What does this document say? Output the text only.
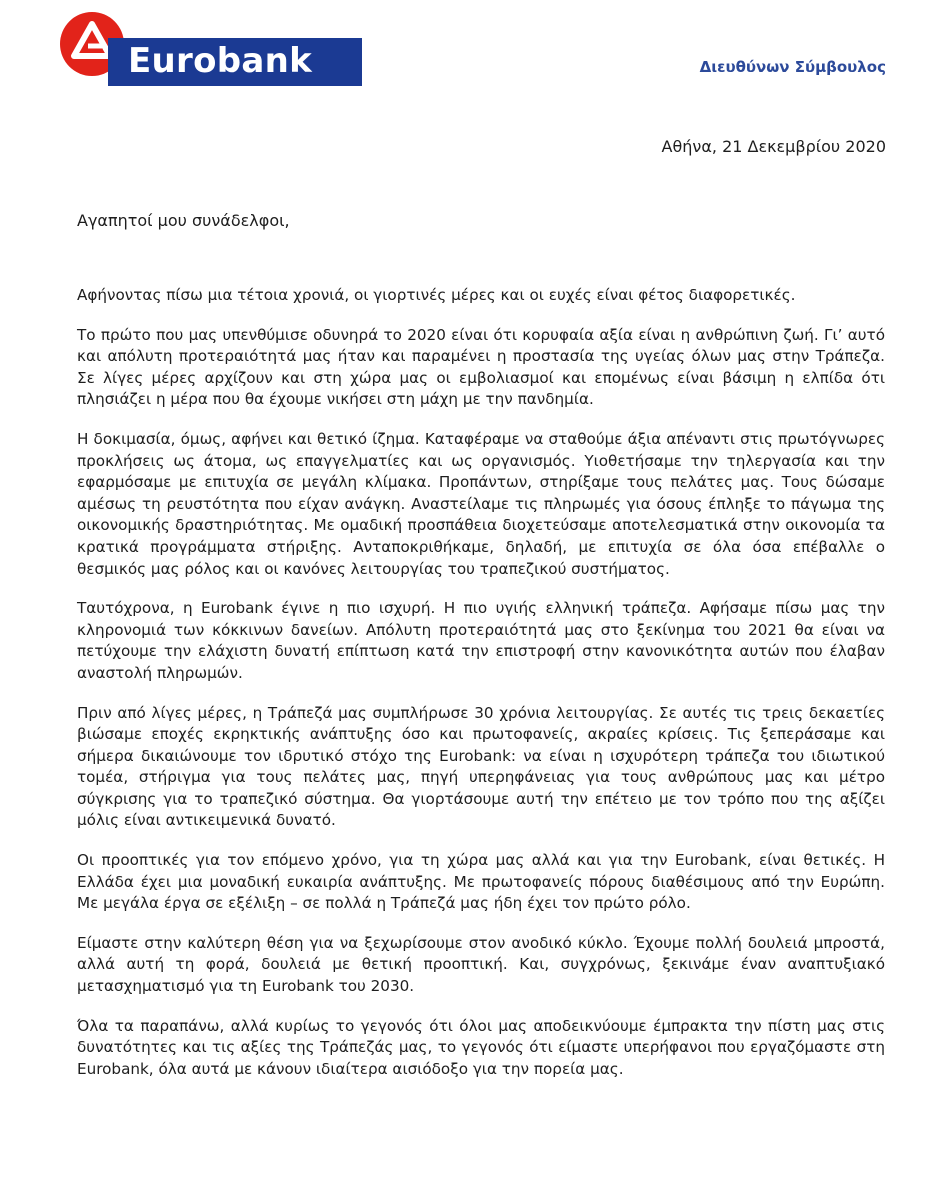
Eurobank	Διευθύνων Σύμβουλος
Αθήνα, 21 Δεκεμβρίου 2020
Αγαπητοί μου συνάδελφοι,

Αφήνοντας πίσω μια τέτοια χρονιά, οι γιορτινές μέρες και οι ευχές είναι φέτος διαφορετικές.

Το πρώτο που μας υπενθύμισε οδυνηρά το 2020 είναι ότι κορυφαία αξία είναι η ανθρώπινη ζωή. Γι’ αυτό και απόλυτη προτεραιότητά μας ήταν και παραμένει η προστασία της υγείας όλων μας στην Τράπεζα. Σε λίγες μέρες αρχίζουν και στη χώρα μας οι εμβολιασμοί και επομένως είναι βάσιμη η ελπίδα ότι πλησιάζει η μέρα που θα έχουμε νικήσει στη μάχη με την πανδημία.

Η δοκιμασία, όμως, αφήνει και θετικό ίζημα. Καταφέραμε να σταθούμε άξια απέναντι στις πρωτόγνωρες προκλήσεις ως άτομα, ως επαγγελματίες και ως οργανισμός. Υιοθετήσαμε την τηλεργασία και την εφαρμόσαμε με επιτυχία σε μεγάλη κλίμακα. Προπάντων, στηρίξαμε τους πελάτες μας. Τους δώσαμε αμέσως τη ρευστότητα που είχαν ανάγκη. Αναστείλαμε τις πληρωμές για όσους έπληξε το πάγωμα της οικονομικής δραστηριότητας. Με ομαδική προσπάθεια διοχετεύσαμε αποτελεσματικά στην οικονομία τα κρατικά προγράμματα στήριξης. Ανταποκριθήκαμε, δηλαδή, με επιτυχία σε όλα όσα επέβαλλε ο θεσμικός μας ρόλος και οι κανόνες λειτουργίας του τραπεζικού συστήματος.

Ταυτόχρονα, η Eurobank έγινε η πιο ισχυρή. Η πιο υγιής ελληνική τράπεζα. Αφήσαμε πίσω μας την κληρονομιά των κόκκινων δανείων. Απόλυτη προτεραιότητά μας στο ξεκίνημα του 2021 θα είναι να πετύχουμε την ελάχιστη δυνατή επίπτωση κατά την επιστροφή στην κανονικότητα αυτών που έλαβαν αναστολή πληρωμών.

Πριν από λίγες μέρες, η Τράπεζά μας συμπλήρωσε 30 χρόνια λειτουργίας. Σε αυτές τις τρεις δεκαετίες βιώσαμε εποχές εκρηκτικής ανάπτυξης όσο και πρωτοφανείς, ακραίες κρίσεις. Τις ξεπεράσαμε και σήμερα δικαιώνουμε τον ιδρυτικό στόχο της Eurobank: να είναι η ισχυρότερη τράπεζα του ιδιωτικού τομέα, στήριγμα για τους πελάτες μας, πηγή υπερηφάνειας για τους ανθρώπους μας και μέτρο σύγκρισης για το τραπεζικό σύστημα. Θα γιορτάσουμε αυτή την επέτειο με τον τρόπο που της αξίζει μόλις είναι αντικειμενικά δυνατό.

Οι προοπτικές για τον επόμενο χρόνο, για τη χώρα μας αλλά και για την Eurobank, είναι θετικές. Η Ελλάδα έχει μια μοναδική ευκαιρία ανάπτυξης. Με πρωτοφανείς πόρους διαθέσιμους από την Ευρώπη. Με μεγάλα έργα σε εξέλιξη – σε πολλά η Τράπεζά μας ήδη έχει τον πρώτο ρόλο.

Είμαστε στην καλύτερη θέση για να ξεχωρίσουμε στον ανοδικό κύκλο. Έχουμε πολλή δουλειά μπροστά, αλλά αυτή τη φορά, δουλειά με θετική προοπτική. Και, συγχρόνως, ξεκινάμε έναν αναπτυξιακό μετασχηματισμό για τη Eurobank του 2030.

Όλα τα παραπάνω, αλλά κυρίως το γεγονός ότι όλοι μας αποδεικνύουμε έμπρακτα την πίστη μας στις δυνατότητες και τις αξίες της Τράπεζάς μας, το γεγονός ότι είμαστε υπερήφανοι που εργαζόμαστε στη Eurobank, όλα αυτά με κάνουν ιδιαίτερα αισιόδοξο για την πορεία μας.
